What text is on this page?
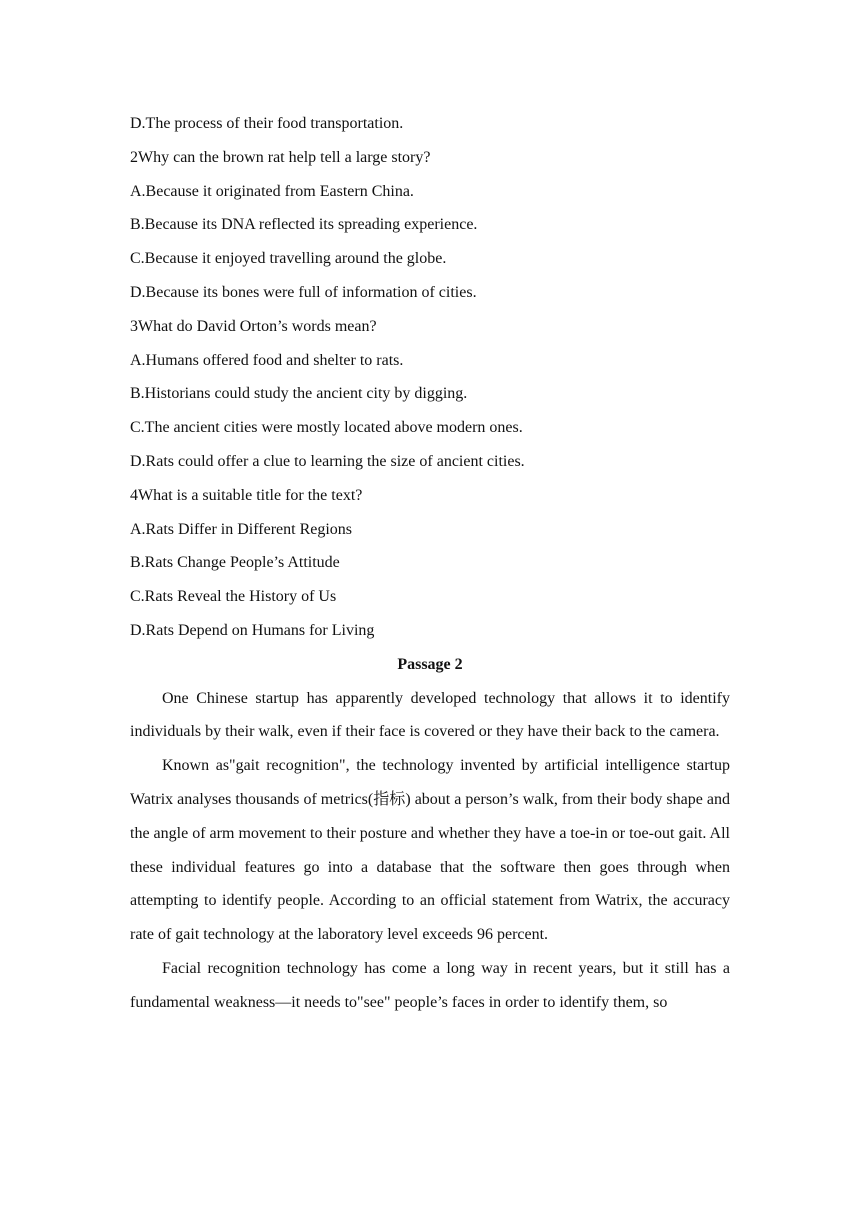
D.The process of their food transportation.

2Why can the brown rat help tell a large story?

A.Because it originated from Eastern China.

B.Because its DNA reflected its spreading experience.

C.Because it enjoyed travelling around the globe.

D.Because its bones were full of information of cities.

3What do David Orton’s words mean?

A.Humans offered food and shelter to rats.

B.Historians could study the ancient city by digging.

C.The ancient cities were mostly located above modern ones.

D.Rats could offer a clue to learning the size of ancient cities.

4What is a suitable title for the text?

A.Rats Differ in Different Regions

B.Rats Change People’s Attitude

C.Rats Reveal the History of Us

D.Rats Depend on Humans for Living

Passage 2

One Chinese startup has apparently developed technology that allows it to identify individuals by their walk, even if their face is covered or they have their back to the camera.

Known as"gait recognition", the technology invented by artificial intelligence startup Watrix analyses thousands of metrics(指标) about a person’s walk, from their body shape and the angle of arm movement to their posture and whether they have a toe-in or toe-out gait. All these individual features go into a database that the software then goes through when attempting to identify people. According to an official statement from Watrix, the accuracy rate of gait technology at the laboratory level exceeds 96 percent.

Facial recognition technology has come a long way in recent years, but it still has a fundamental weakness—it needs to"see" people’s faces in order to identify them, so
